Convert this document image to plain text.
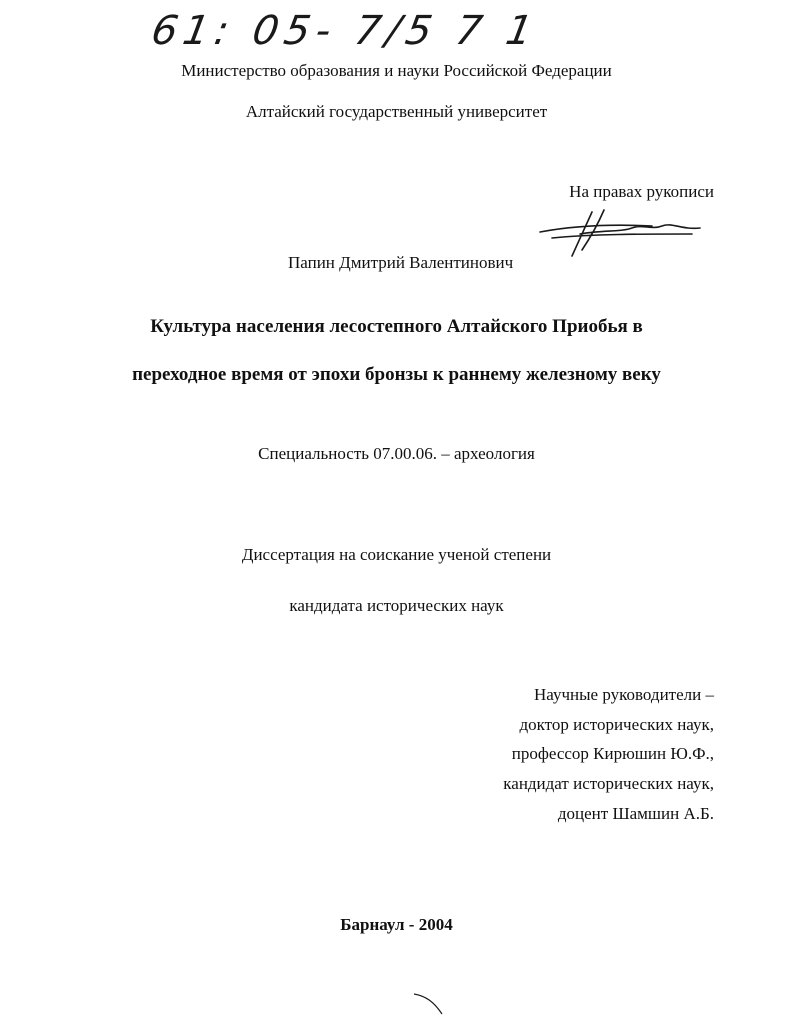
61: 05- 7/5 7 1
Министерство образования и науки Российской Федерации
Алтайский государственный университет
На правах рукописи
Папин Дмитрий Валентинович
Культура населения лесостепного Алтайского Приобья в
переходное время от эпохи бронзы к раннему железному веку
Специальность 07.00.06. – археология
Диссертация на соискание ученой степени
кандидата исторических наук
Научные руководители –
доктор исторических наук,
профессор Кирюшин Ю.Ф.,
кандидат исторических наук,
доцент Шамшин А.Б.
Барнаул - 2004
